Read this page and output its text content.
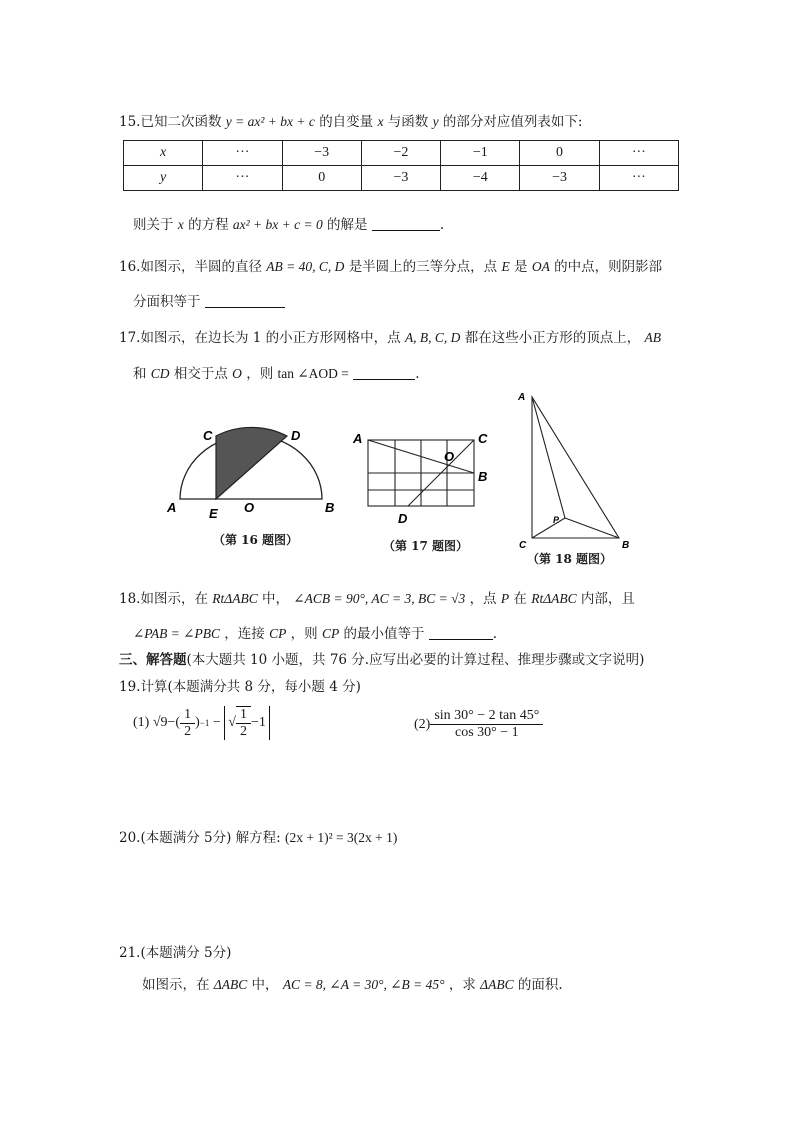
15.已知二次函数 y = ax² + bx + c 的自变量 x 与函数 y 的部分对应值列表如下:
x	···	−3	−2	−1	0	···
y	···	0	−3	−4	−3	···
则关于 x 的方程 ax² + bx + c = 0 的解是	.
16.如图示，半圆的直径 AB = 40, C, D 是半圆上的三等分点，点 E 是 OA 的中点，则阴影部
分面积等于
17.如图示，在边长为 1 的小正方形网格中，点 A, B, C, D 都在这些小正方形的顶点上， AB
和 CD 相交于点 O ，则 tan ∠AOD =	.
A	B
C	D
E O
A	C
O
B
D
A
P
C	B
（第 16 题图）	（第 17 题图）
（第 18 题图）
18.如图示，在 RtΔABC 中， ∠ACB = 90°, AC = 3, BC = √3 ，点 P 在 RtΔABC 内部，且
∠PAB = ∠PBC ，连接 CP ，则 CP 的最小值等于	.
三、解答题(本大题共 10 小题，共 76 分.应写出必要的计算过程、推理步骤或文字说明)
19.计算(本题满分共 8 分，每小题 4 分)
(1)
√9 − ( $\frac{1}{2}$ ) −1 − √ $\frac{1}{2} -1$	$(2) \frac{\sin 30^\circ - 2 \tan 45^\circ}{\cos 30^\circ - 1}$
20.(本题满分 5分) 解方程: (2x + 1)² = 3(2x + 1)
21.(本题满分 5分)
如图示，在 ΔABC 中， AC = 8, ∠A = 30°, ∠B = 45° ，求 ΔABC 的面积.
